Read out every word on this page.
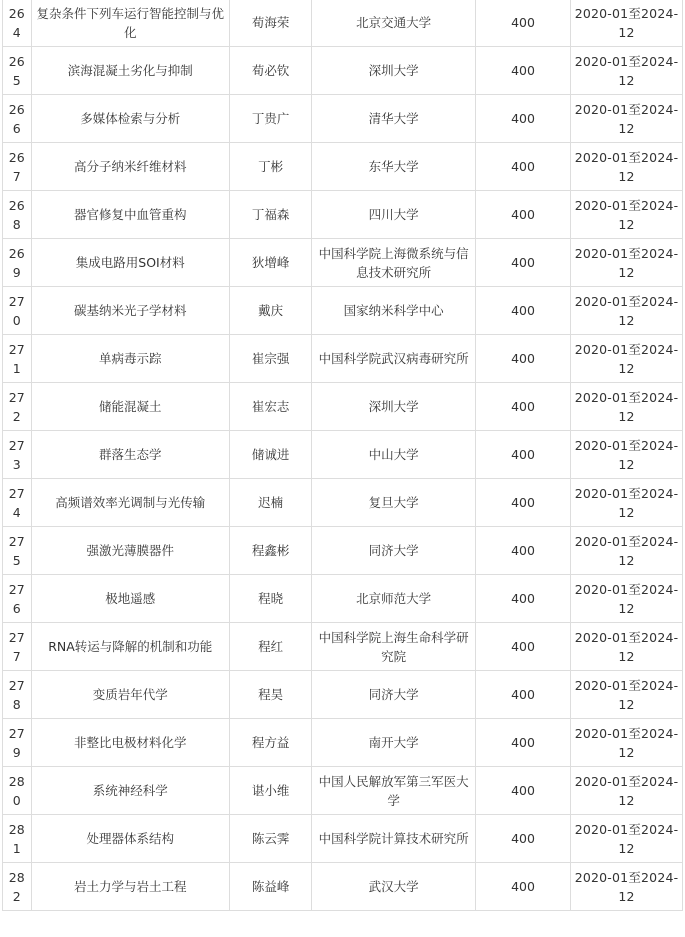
264	复杂条件下列车运行智能控制与优化	荀海荣	北京交通大学	400	2020-01至2024-12
265	滨海混凝土劣化与抑制	荀必钦	深圳大学	400	2020-01至2024-12
266	多媒体检索与分析	丁贵广	清华大学	400	2020-01至2024-12
267	高分子纳米纤维材料	丁彬	东华大学	400	2020-01至2024-12
268	器官修复中血管重构	丁福森	四川大学	400	2020-01至2024-12
269	集成电路用SOI材料	狄增峰	中国科学院上海微系统与信息技术研究所	400	2020-01至2024-12
270	碳基纳米光子学材料	戴庆	国家纳米科学中心	400	2020-01至2024-12
271	单病毒示踪	崔宗强	中国科学院武汉病毒研究所	400	2020-01至2024-12
272	储能混凝土	崔宏志	深圳大学	400	2020-01至2024-12
273	群落生态学	储诚进	中山大学	400	2020-01至2024-12
274	高频谱效率光调制与光传输	迟楠	复旦大学	400	2020-01至2024-12
275	强激光薄膜器件	程鑫彬	同济大学	400	2020-01至2024-12
276	极地遥感	程晓	北京师范大学	400	2020-01至2024-12
277	RNA转运与降解的机制和功能	程红	中国科学院上海生命科学研究院	400	2020-01至2024-12
278	变质岩年代学	程昊	同济大学	400	2020-01至2024-12
279	非整比电极材料化学	程方益	南开大学	400	2020-01至2024-12
280	系统神经科学	谌小维	中国人民解放军第三军医大学	400	2020-01至2024-12
281	处理器体系结构	陈云霁	中国科学院计算技术研究所	400	2020-01至2024-12
282	岩土力学与岩土工程	陈益峰	武汉大学	400	2020-01至2024-12
